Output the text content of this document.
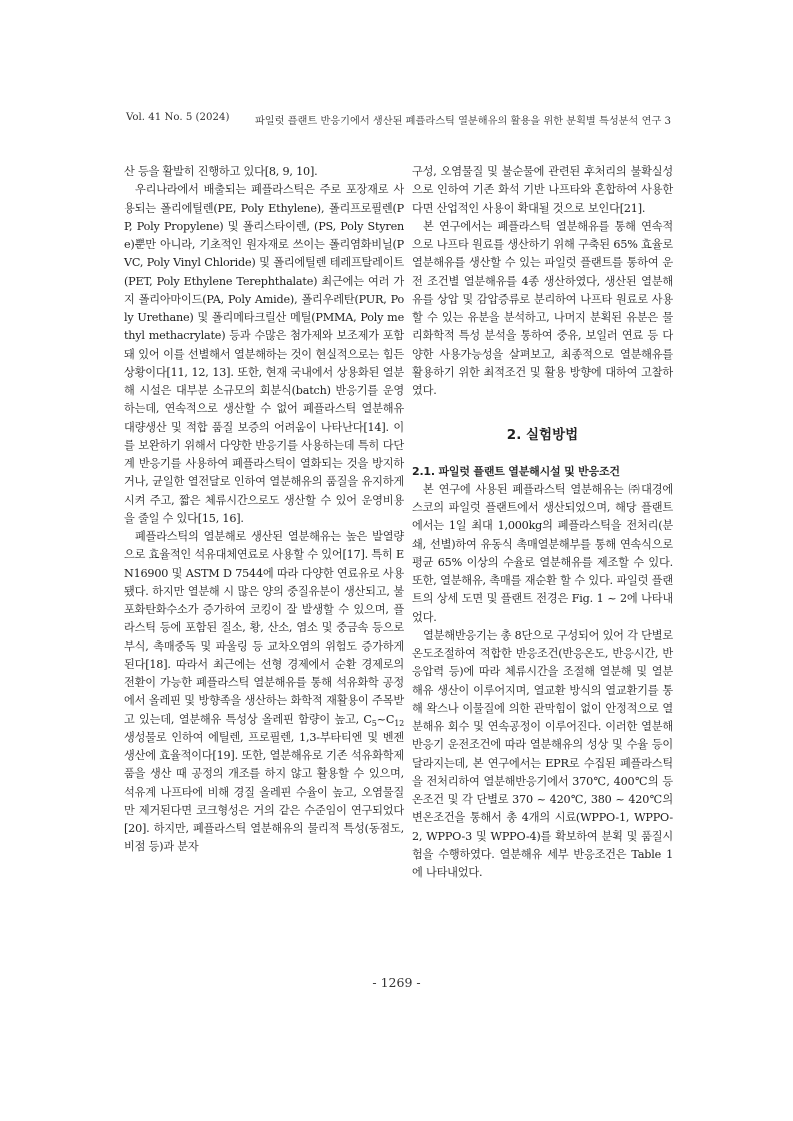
Vol. 41 No. 5 (2024)	파일럿 플랜트 반응기에서 생산된 폐플라스틱 열분해유의 활용을 위한 분획별 특성분석 연구 3

산 등을 활발히 진행하고 있다[8, 9, 10].

우리나라에서 배출되는 폐플라스틱은 주로 포장재로 사용되는 폴리에틸렌(PE, Poly Ethylene), 폴리프로필렌(PP, Poly Propylene) 및 폴리스타이렌, (PS, Poly Styrene)뿐만 아니라, 기초적인 원자재로 쓰이는 폴리염화비닐(PVC, Poly Vinyl Chloride) 및 폴리에틸렌 테레프탈레이트(PET, Poly Ethylene Terephthalate) 최근에는 여러 가지 폴리아마이드(PA, Poly Amide), 폴리우레탄(PUR, Poly Urethane) 및 폴리메타크릴산 메틸(PMMA, Poly methyl methacrylate) 등과 수많은 첨가제와 보조제가 포함돼 있어 이를 선별해서 열분해하는 것이 현실적으로는 힘든 상황이다[11, 12, 13]. 또한, 현재 국내에서 상용화된 열분해 시설은 대부분 소규모의 회분식(batch) 반응기를 운영하는데, 연속적으로 생산할 수 없어 폐플라스틱 열분해유 대량생산 및 적합 품질 보증의 어려움이 나타난다[14]. 이를 보완하기 위해서 다양한 반응기를 사용하는데 특히 다단계 반응기를 사용하여 폐플라스틱이 열화되는 것을 방지하거나, 균일한 열전달로 인하여 열분해유의 품질을 유지하게 시켜 주고, 짧은 체류시간으로도 생산할 수 있어 운영비용을 줄일 수 있다[15, 16].

폐플라스틱의 열분해로 생산된 열분해유는 높은 발열량으로 효율적인 석유대체연료로 사용할 수 있어[17]. 특히 EN16900 및 ASTM D 7544에 따라 다양한 연료유로 사용됐다. 하지만 열분해 시 많은 양의 중질유분이 생산되고, 불포화탄화수소가 증가하여 코킹이 잘 발생할 수 있으며, 플라스틱 등에 포함된 질소, 황, 산소, 염소 및 중금속 등으로 부식, 촉매중독 및 파울링 등 교차오염의 위험도 증가하게 된다[18]. 따라서 최근에는 선형 경제에서 순환 경제로의 전환이 가능한 폐플라스틱 열분해유를 통해 석유화학 공정에서 올레핀 및 방향족을 생산하는 화학적 재활용이 주목받고 있는데, 열분해유 특성상 올레핀 함량이 높고, $C_5\sim C_{12}$ 생성물로 인하여 에틸렌, 프로필렌, 1,3-부타티엔 및 벤젠 생산에 효율적이다[19]. 또한, 열분해유로 기존 석유화학제품을 생산 때 공정의 개조를 하지 않고 활용할 수 있으며, 석유계 나프타에 비해 경질 올레핀 수율이 높고, 오염물질만 제거된다면 코크형성은 거의 같은 수준임이 연구되었다[20]. 하지만, 폐플라스틱 열분해유의 물리적 특성(동점도, 비점 등)과 분자

구성, 오염물질 및 불순물에 관련된 후처리의 불확실성으로 인하여 기존 화석 기반 나프타와 혼합하여 사용한다면 산업적인 사용이 확대될 것으로 보인다[21].

본 연구에서는 폐플라스틱 열분해유를 통해 연속적으로 나프타 원료를 생산하기 위해 구축된 65% 효율로 열분해유를 생산할 수 있는 파일럿 플랜트를 통하여 운전 조건별 열분해유를 4종 생산하였다, 생산된 열분해유를 상압 및 감압증류로 분리하여 나프타 원료로 사용할 수 있는 유분을 분석하고, 나머지 분획된 유분은 물리화학적 특성 분석을 통하여 중유, 보일러 연료 등 다양한 사용가능성을 살펴보고, 최종적으로 열분해유를 활용하기 위한 최적조건 및 활용 방향에 대하여 고찰하였다.

2. 실험방법
2.1. 파일럿 플랜트 열분해시설 및 반응조건

본 연구에 사용된 폐플라스틱 열분해유는 ㈜대경에스코의 파일럿 플랜트에서 생산되었으며, 해당 플랜트에서는 1일 최대 1,000kg의 폐플라스틱을 전처리(분쇄, 선별)하여 유동식 촉매열분해부를 통해 연속식으로 평균 65% 이상의 수율로 열분해유를 제조할 수 있다. 또한, 열분해유, 촉매를 재순환 할 수 있다. 파일럿 플랜트의 상세 도면 및 플랜트 전경은 Fig. 1 ~ 2에 나타내었다.

열분해반응기는 총 8단으로 구성되어 있어 각 단별로 온도조절하여 적합한 반응조건(반응온도, 반응시간, 반응압력 등)에 따라 체류시간을 조절해 열분해 및 열분해유 생산이 이루어지며, 열교환 방식의 열교환기를 통해 왁스나 이물질에 의한 관막힘이 없이 안정적으로 열분해유 회수 및 연속공정이 이루어진다. 이러한 열분해반응기 운전조건에 따라 열분해유의 성상 및 수율 등이 달라지는데, 본 연구에서는 EPR로 수집된 폐플라스틱을 전처리하여 열분해반응기에서 370℃, 400℃의 등온조건 및 각 단별로 370 ~ 420℃, 380 ~ 420℃의 변온조건을 통해서 총 4개의 시료(WPPO-1, WPPO-2, WPPO-3 및 WPPO-4)를 확보하여 분획 및 품질시험을 수행하였다. 열분해유 세부 반응조건은 Table 1에 나타내었다.

- 1269 -
